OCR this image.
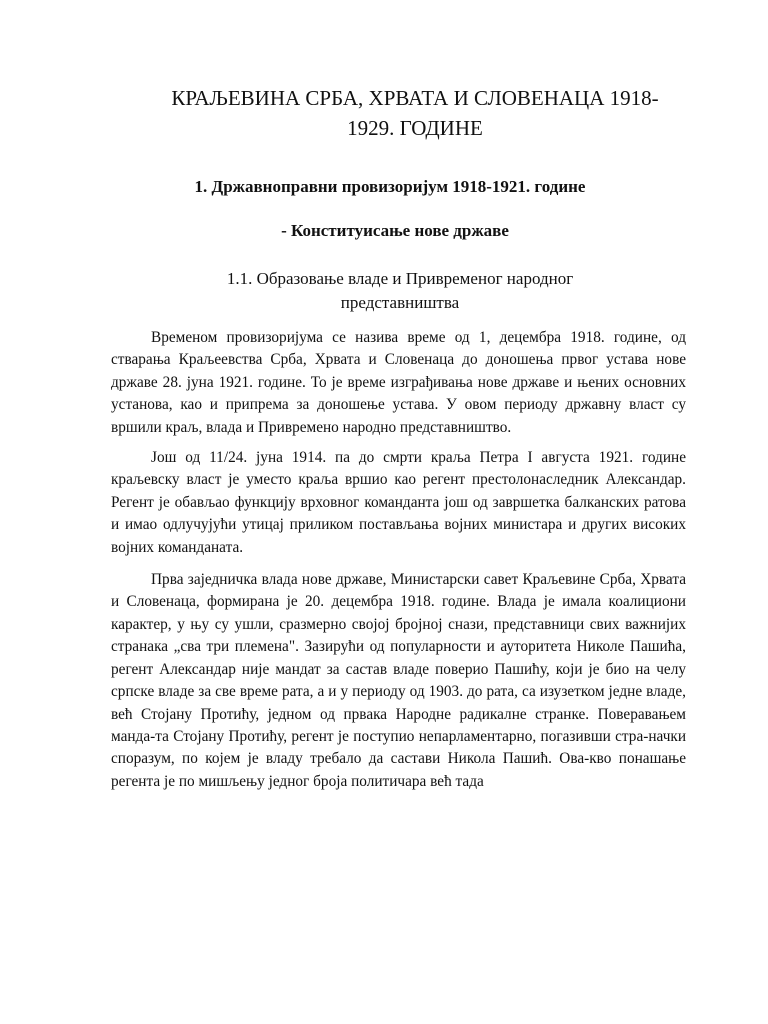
КРАЉЕВИНА СРБА, ХРВАТА И СЛОВЕНАЦА 1918-1929. ГОДИНЕ
1. Државноправни провизоријум 1918-1921. године
- Конституисање нове државе
1.1. Образовање владе и Привременог народног представништва

Временом провизоријума се назива време од 1, децембра 1918. године, од стварања Краљеевства Срба, Хрвата и Словенаца до доношења првог устава нове државе 28. јуна 1921. године. То је време изграђивања нове државе и њених основних установа, као и припрема за доношење устава. У овом периоду државну власт су вршили краљ, влада и Привремено народно представништво.

Још од 11/24. јуна 1914. па до смрти краља Петра I августа 1921. године краљевску власт је уместо краља вршио као регент престолонаследник Александар. Регент је обављао функцију врховног команданта још од завршетка балканских ратова и имао одлучујући утицај приликом постављања војних министара и других високих војних команданата.

Прва заједничка влада нове државе, Министарски савет Краљевине Срба, Хрвата и Словенаца, формирана је 20. децембра 1918. године. Влада је имала коалициони карактер, у њу су ушли, сразмерно својој бројној снази, представници свих важнијих странака „сва три племена". Зазирући од популарности и ауторитета Николе Пашића, регент Александар није мандат за састав владе поверио Пашићу, који је био на челу српске владе за све време рата, а и у периоду од 1903. до рата, са изузетком једне владе, већ Стојану Протићу, једном од првака Народне радикалне странке. Поверавањем манда-та Стојану Протићу, регент је поступио непарламентарно, погазивши стра-начки споразум, по којем је владу требало да састави Никола Пашић. Ова-кво понашање регента је по мишљењу једног броја политичара већ тада
